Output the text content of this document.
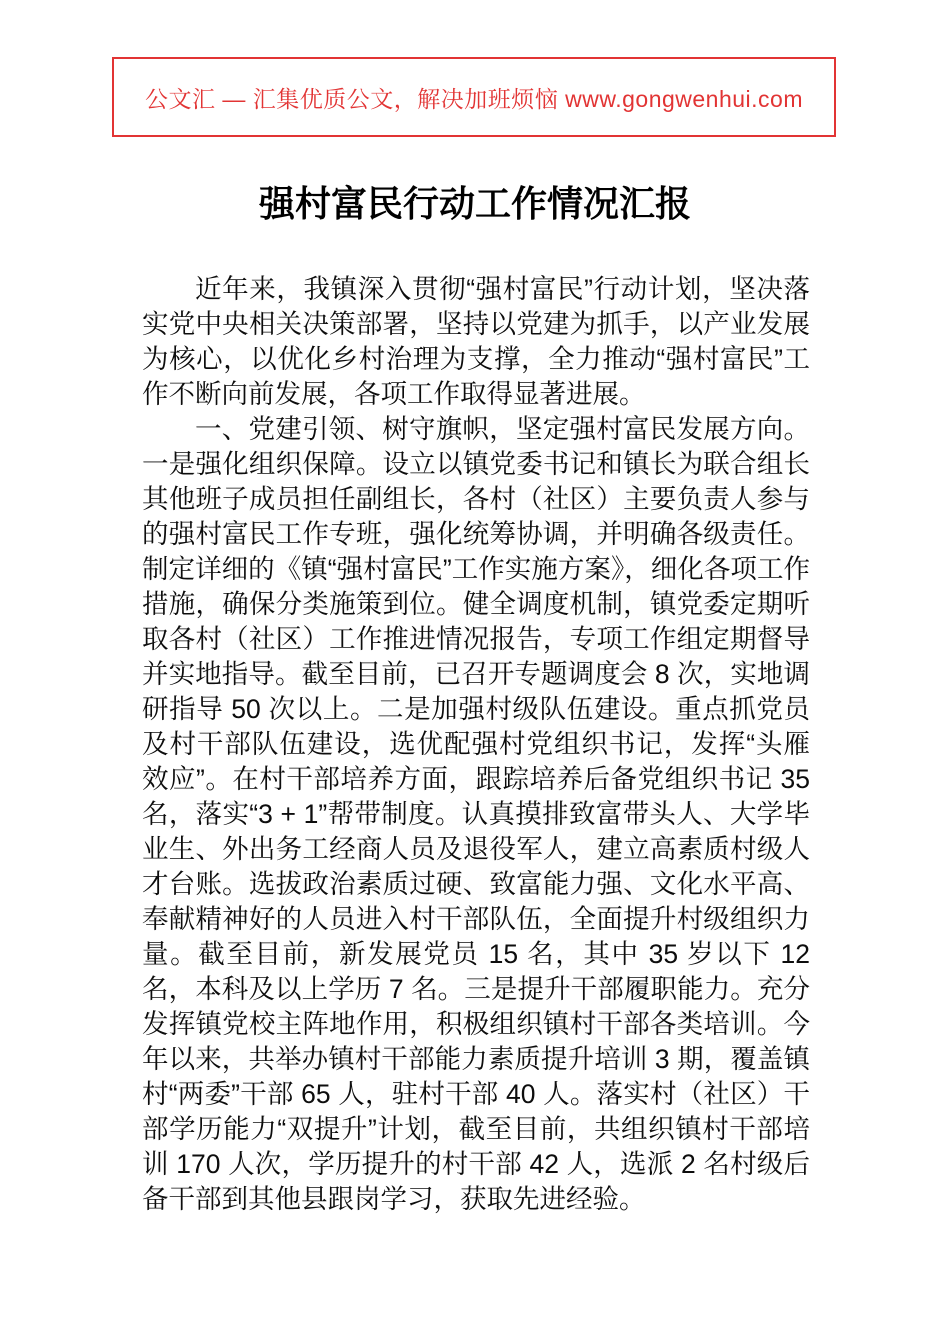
公文汇 — 汇集优质公文，解决加班烦恼 www.gongwenhui.com
强村富民行动工作情况汇报

近年来，我镇深入贯彻“强村富民”行动计划，坚决落实党中央相关决策部署，坚持以党建为抓手，以产业发展为核心，以优化乡村治理为支撑，全力推动“强村富民”工作不断向前发展，各项工作取得显著进展。

一、党建引领、树守旗帜，坚定强村富民发展方向。一是强化组织保障。设立以镇党委书记和镇长为联合组长其他班子成员担任副组长，各村（社区）主要负责人参与的强村富民工作专班，强化统筹协调，并明确各级责任。制定详细的《镇“强村富民”工作实施方案》，细化各项工作措施，确保分类施策到位。健全调度机制，镇党委定期听取各村（社区）工作推进情况报告，专项工作组定期督导并实地指导。截至目前，已召开专题调度会 8 次，实地调研指导 50 次以上。二是加强村级队伍建设。重点抓党员及村干部队伍建设，选优配强村党组织书记，发挥“头雁效应”。在村干部培养方面，跟踪培养后备党组织书记 35 名，落实“3 + 1”帮带制度。认真摸排致富带头人、大学毕业生、外出务工经商人员及退役军人，建立高素质村级人才台账。选拔政治素质过硬、致富能力强、文化水平高、奉献精神好的人员进入村干部队伍，全面提升村级组织力量。截至目前，新发展党员 15 名，其中 35 岁以下 12 名，本科及以上学历 7 名。三是提升干部履职能力。充分发挥镇党校主阵地作用，积极组织镇村干部各类培训。今年以来，共举办镇村干部能力素质提升培训 3 期，覆盖镇村“两委”干部 65 人，驻村干部 40 人。落实村（社区）干部学历能力“双提升”计划，截至目前，共组织镇村干部培训 170 人次，学历提升的村干部 42 人，选派 2 名村级后备干部到其他县跟岗学习，获取先进经验。
